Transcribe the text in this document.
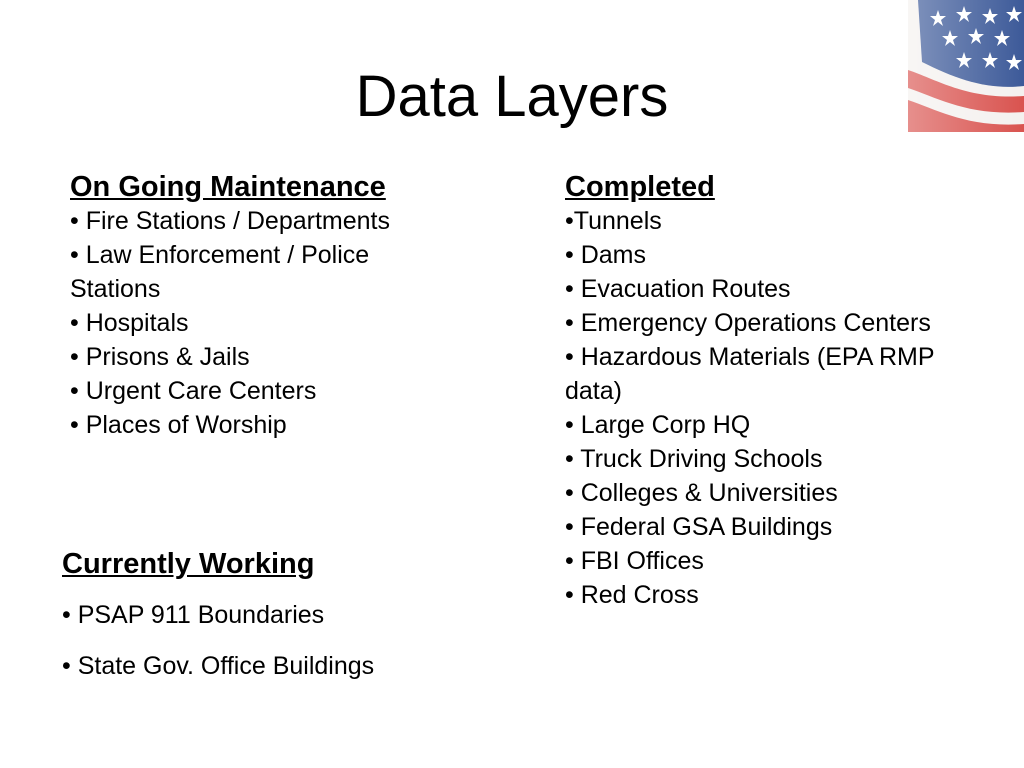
Data Layers
On Going Maintenance
• Fire Stations / Departments
• Law Enforcement / Police Stations
• Hospitals
• Prisons & Jails
• Urgent Care Centers
• Places of Worship
Completed
•Tunnels
• Dams
• Evacuation Routes
• Emergency Operations Centers
• Hazardous Materials (EPA RMP data)
• Large Corp HQ
• Truck Driving Schools
• Colleges & Universities
• Federal GSA Buildings
• FBI Offices
• Red Cross
Currently Working
• PSAP 911 Boundaries
• State Gov. Office Buildings
